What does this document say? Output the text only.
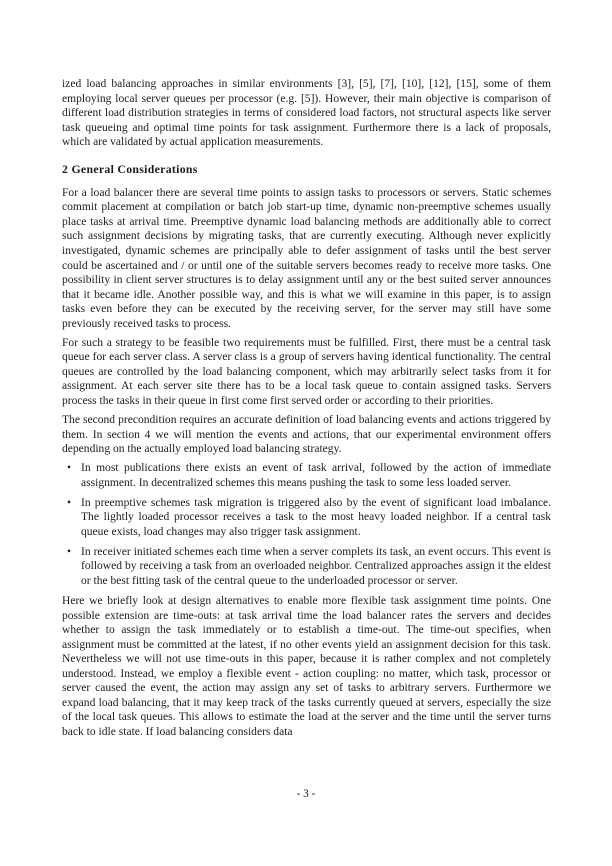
ized load balancing approaches in similar environments [3], [5], [7], [10], [12], [15], some of them employing local server queues per processor (e.g. [5]). However, their main objective is comparison of different load distribution strategies in terms of considered load factors, not structural aspects like server task queueing and optimal time points for task assignment. Furthermore there is a lack of proposals, which are validated by actual application measurements.

2 General Considerations

For a load balancer there are several time points to assign tasks to processors or servers. Static schemes commit placement at compilation or batch job start-up time, dynamic non-preemptive schemes usually place tasks at arrival time. Preemptive dynamic load balancing methods are additionally able to correct such assignment decisions by migrating tasks, that are currently executing. Although never explicitly investigated, dynamic schemes are principally able to defer assignment of tasks until the best server could be ascertained and / or until one of the suitable servers becomes ready to receive more tasks. One possibility in client server structures is to delay assignment until any or the best suited server announces that it became idle. Another possible way, and this is what we will examine in this paper, is to assign tasks even before they can be executed by the receiving server, for the server may still have some previously received tasks to process.

For such a strategy to be feasible two requirements must be fulfilled. First, there must be a central task queue for each server class. A server class is a group of servers having identical functionality. The central queues are controlled by the load balancing component, which may arbitrarily select tasks from it for assignment. At each server site there has to be a local task queue to contain assigned tasks. Servers process the tasks in their queue in first come first served order or according to their priorities.

The second precondition requires an accurate definition of load balancing events and actions triggered by them. In section 4 we will mention the events and actions, that our experimental environment offers depending on the actually employed load balancing strategy.

• In most publications there exists an event of task arrival, followed by the action of immediate assignment. In decentralized schemes this means pushing the task to some less loaded server.
• In preemptive schemes task migration is triggered also by the event of significant load imbalance. The lightly loaded processor receives a task to the most heavy loaded neighbor. If a central task queue exists, load changes may also trigger task assignment.
• In receiver initiated schemes each time when a server complets its task, an event occurs. This event is followed by receiving a task from an overloaded neighbor. Centralized approaches assign it the eldest or the best fitting task of the central queue to the underloaded processor or server.

Here we briefly look at design alternatives to enable more flexible task assignment time points. One possible extension are time-outs: at task arrival time the load balancer rates the servers and decides whether to assign the task immediately or to establish a time-out. The time-out specifies, when assignment must be committed at the latest, if no other events yield an assignment decision for this task. Nevertheless we will not use time-outs in this paper, because it is rather complex and not completely understood. Instead, we employ a flexible event - action coupling: no matter, which task, processor or server caused the event, the action may assign any set of tasks to arbitrary servers. Furthermore we expand load balancing, that it may keep track of the tasks currently queued at servers, especially the size of the local task queues. This allows to estimate the load at the server and the time until the server turns back to idle state. If load balancing considers data

- 3 -
